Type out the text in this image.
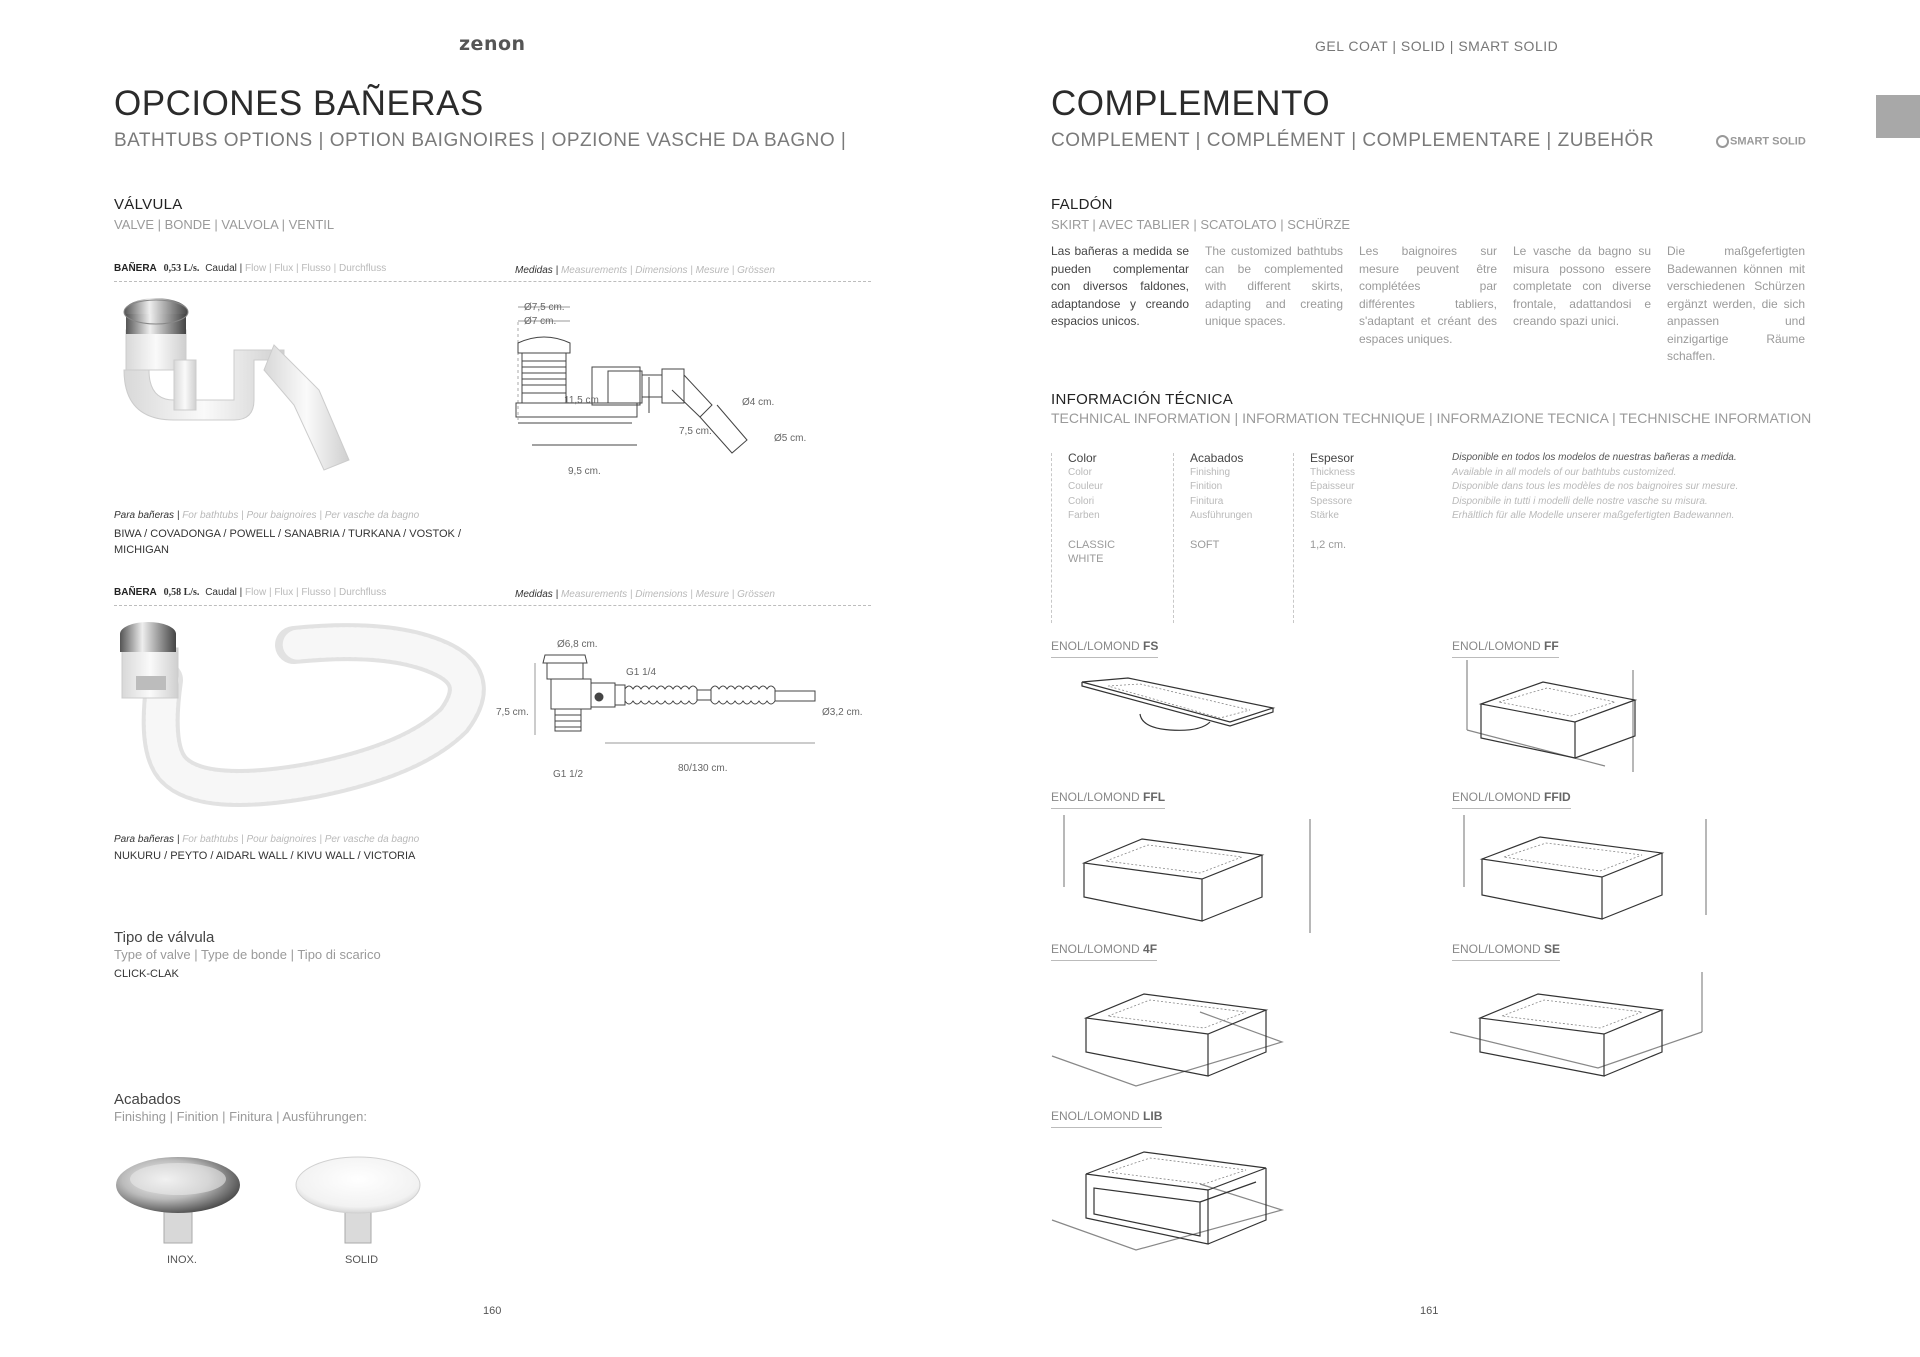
zenon
OPCIONES BAÑERAS
BATHTUBS OPTIONS | OPTION BAIGNOIRES | OPZIONE VASCHE DA BAGNO |
VÁLVULA
VALVE | BONDE | VALVOLA | VENTIL
BAÑERA 0,53 L/s. Caudal | Flow | Flux | Flusso | Durchfluss	Medidas | Measurements | Dimensions | Mesure | Grössen
Ø7,5 cm.
Ø7 cm.
11,5 cm
7,5 cm.
9,5 cm.
Ø4 cm.
Ø5 cm.
Para bañeras | For bathtubs | Pour baignoires | Per vasche da bagno
BIWA / COVADONGA / POWELL / SANABRIA / TURKANA / VOSTOK / MICHIGAN
BAÑERA 0,58 L/s. Caudal | Flow | Flux | Flusso | Durchfluss	Medidas | Measurements | Dimensions | Mesure | Grössen
Ø6,8 cm.
G1 1/4
7,5 cm.	Ø3,2 cm.
G1 1/2
80/130 cm.
Para bañeras | For bathtubs | Pour baignoires | Per vasche da bagno
NUKURU / PEYTO / AIDARL WALL / KIVU WALL / VICTORIA
Tipo de válvula
Type of valve | Type de bonde | Tipo di scarico
CLICK-CLAK
Acabados
Finishing | Finition | Finitura | Ausführungen:
INOX.	SOLID
160
GEL COAT | SOLID | SMART SOLID
COMPLEMENTO
COMPLEMENT | COMPLÉMENT | COMPLEMENTARE | ZUBEHÖR	SMART SOLID
FALDÓN
SKIRT | AVEC TABLIER | SCATOLATO | SCHÜRZE
Las bañeras a medida se pueden complementar con diversos faldones, adaptandose y creando espacios unicos.
The customized bathtubs can be complemented with different skirts, adapting and creating unique spaces.
Les baignoires sur mesure peuvent être complétées par différentes tabliers, s'adaptant et créant des espaces uniques.
Le vasche da bagno su misura possono essere completate con diverse frontale, adattandosi e creando spazi unici.
Die maßgefertigten Badewannen können mit verschiedenen Schürzen ergänzt werden, die sich anpassen und einzigartige Räume schaffen.
INFORMACIÓN TÉCNICA
TECHNICAL INFORMATION | INFORMATION TECHNIQUE | INFORMAZIONE TECNICA | TECHNISCHE INFORMATION
Color
Color
Couleur
Colori
Farben
CLASSIC
WHITE
Acabados
Finishing
Finition
Finitura
Ausführungen
SOFT
Espesor
Thickness
Épaisseur
Spessore
Stärke
1,2 cm.
Disponible en todos los modelos de nuestras bañeras a medida.
Available in all models of our bathtubs customized.
Disponible dans tous les modèles de nos baignoires sur mesure.
Disponibile in tutti i modelli delle nostre vasche su misura.
Erhältlich für alle Modelle unserer maßgefertigten Badewannen.
ENOL/LOMOND FS	ENOL/LOMOND FF
ENOL/LOMOND FFL	ENOL/LOMOND FFID
ENOL/LOMOND 4F	ENOL/LOMOND SE
ENOL/LOMOND LIB
161
